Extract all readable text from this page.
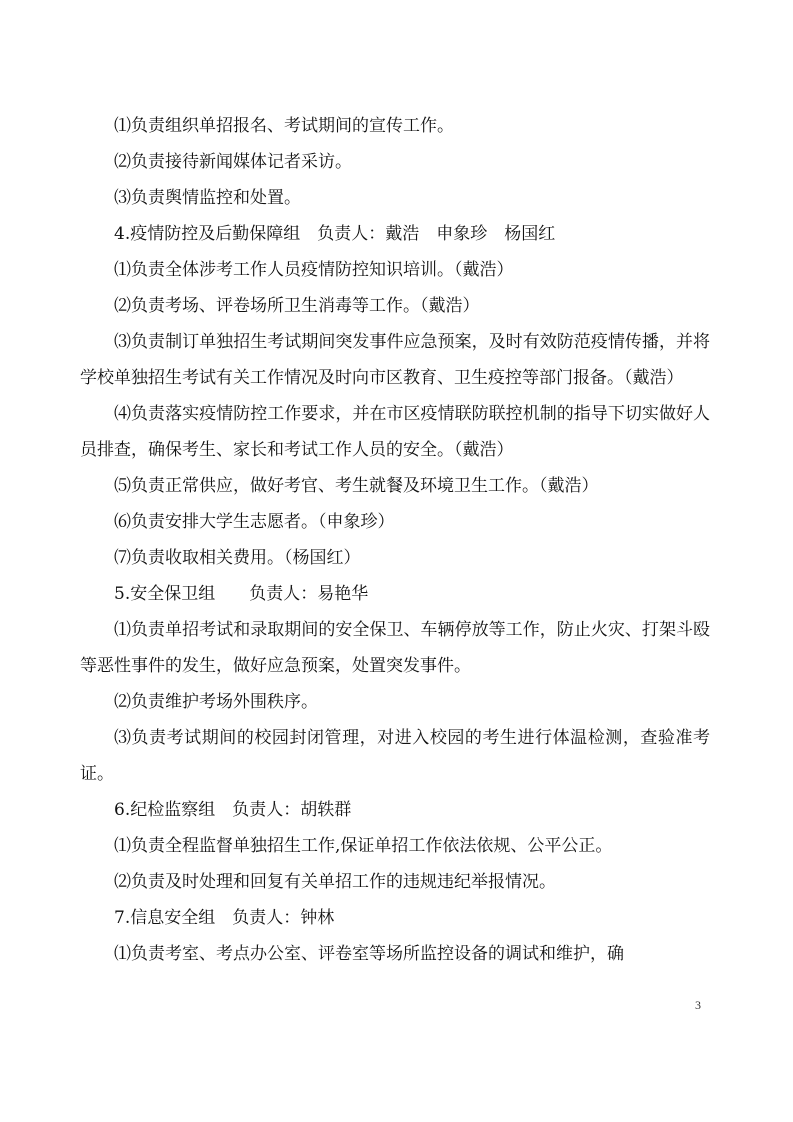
⑴负责组织单招报名、考试期间的宣传工作。

⑵负责接待新闻媒体记者采访。

⑶负责舆情监控和处置。

4.疫情防控及后勤保障组　负责人：戴浩　申象珍　杨国红

⑴负责全体涉考工作人员疫情防控知识培训。（戴浩）

⑵负责考场、评卷场所卫生消毒等工作。（戴浩）

⑶负责制订单独招生考试期间突发事件应急预案，及时有效防范疫情传播，并将学校单独招生考试有关工作情况及时向市区教育、卫生疫控等部门报备。（戴浩）

⑷负责落实疫情防控工作要求，并在市区疫情联防联控机制的指导下切实做好人员排查，确保考生、家长和考试工作人员的安全。（戴浩）

⑸负责正常供应，做好考官、考生就餐及环境卫生工作。（戴浩）

⑹负责安排大学生志愿者。（申象珍）

⑺负责收取相关费用。（杨国红）

5.安全保卫组　　负责人：易艳华

⑴负责单招考试和录取期间的安全保卫、车辆停放等工作，防止火灾、打架斗殴等恶性事件的发生，做好应急预案，处置突发事件。

⑵负责维护考场外围秩序。

⑶负责考试期间的校园封闭管理，对进入校园的考生进行体温检测，查验准考证。

6.纪检监察组　负责人：胡轶群

⑴负责全程监督单独招生工作,保证单招工作依法依规、公平公正。

⑵负责及时处理和回复有关单招工作的违规违纪举报情况。

7.信息安全组　负责人：钟林

⑴负责考室、考点办公室、评卷室等场所监控设备的调试和维护，确

3
